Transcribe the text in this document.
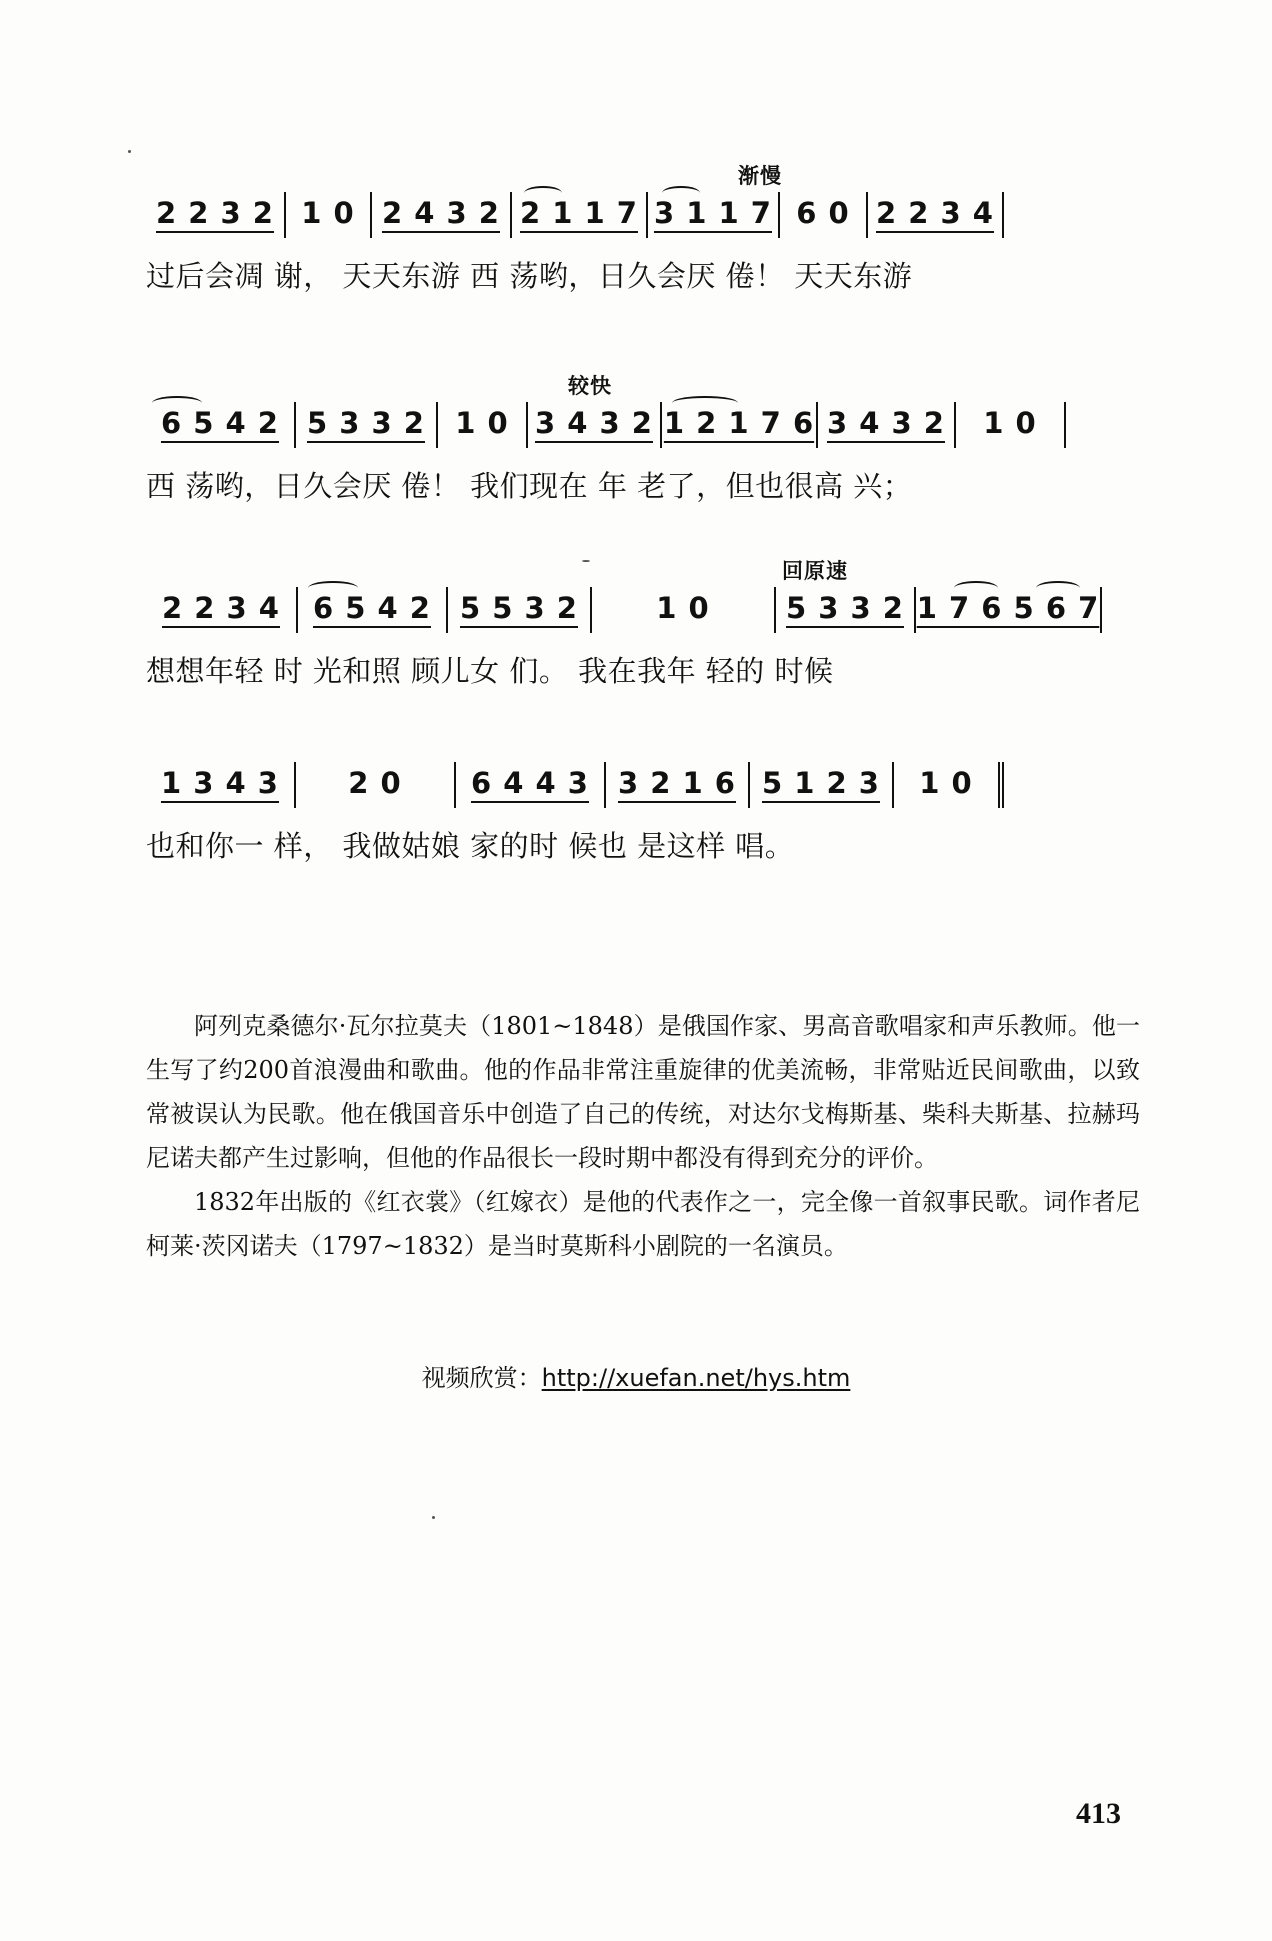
渐慢
2 2 3 2 1 0 2 4 3 2 2 1 1 7 3 1 1 7 6 0 2 2 3 4
过后会凋 谢， 天天东游 西 荡哟，日久会厌 倦！ 天天东游
较快
6 5 4 2 5 3 3 2	1 0 3 4 3 2 1 2 1 7 6 3 4 3 2	1 0
西 荡哟，日久会厌 倦！ 我们现在 年 老了，但也很高 兴；
回原速
2 2 3 4	6 5 4 2 5 5 3 2	1 0	5 3 3 2 1 7 6 5 6 7
想想年轻 时 光和照 顾儿女 们。 我在我年 轻的 时候
1 3 4 3	2 0	6 4 4 3 3 2 1 6 5 1 2 3	1 0
也和你一 样， 我做姑娘 家的时 候也 是这样 唱。

阿列克桑德尔·瓦尔拉莫夫（1801~1848）是俄国作家、男高音歌唱家和声乐教师。他一生写了约200首浪漫曲和歌曲。他的作品非常注重旋律的优美流畅，非常贴近民间歌曲，以致常被误认为民歌。他在俄国音乐中创造了自己的传统，对达尔戈梅斯基、柴科夫斯基、拉赫玛尼诺夫都产生过影响，但他的作品很长一段时期中都没有得到充分的评价。

1832年出版的《红衣裳》（红嫁衣）是他的代表作之一，完全像一首叙事民歌。词作者尼柯莱·茨冈诺夫（1797~1832）是当时莫斯科小剧院的一名演员。

视频欣赏：http://xuefan.net/hys.htm
413
